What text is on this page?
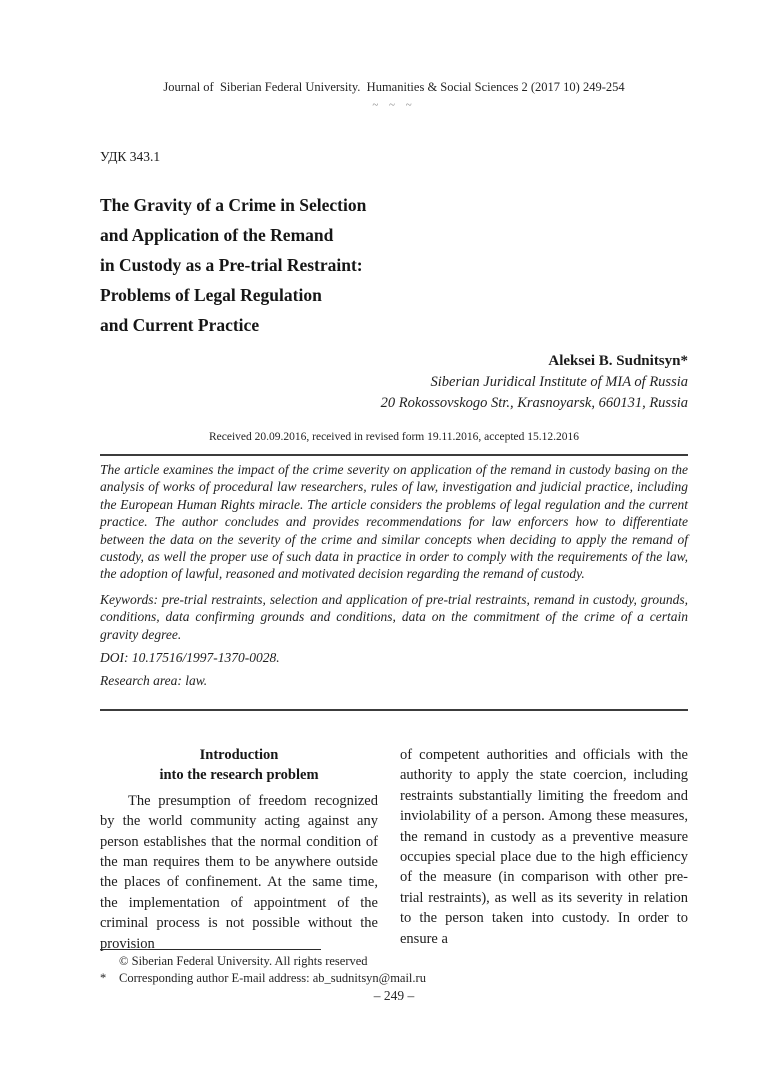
Journal of  Siberian Federal University.  Humanities & Social Sciences 2 (2017 10) 249-254
~ ~ ~
УДК 343.1
The Gravity of a Crime in Selection
and Application of the Remand
in Custody as a Pre-trial Restraint:
Problems of Legal Regulation
and Current Practice
Aleksei B. Sudnitsyn*
Siberian Juridical Institute of MIA of Russia
20 Rokossovskogo Str., Krasnoyarsk, 660131, Russia
Received 20.09.2016, received in revised form 19.11.2016, accepted 15.12.2016

The article examines the impact of the crime severity on application of the remand in custody basing on the analysis of works of procedural law researchers, rules of law, investigation and judicial practice, including the European Human Rights miracle. The article considers the problems of legal regulation and the current practice. The author concludes and provides recommendations for law enforcers how to differentiate between the data on the severity of the crime and similar concepts when deciding to apply the remand of custody, as well the proper use of such data in practice in order to comply with the requirements of the law, the adoption of lawful, reasoned and motivated decision regarding the remand of custody.

Keywords: pre-trial restraints, selection and application of pre-trial restraints, remand in custody, grounds, conditions, data confirming grounds and conditions, data on the commitment of the crime of a certain gravity degree.

DOI: 10.17516/1997-1370-0028.

Research area: law.

Introduction
into the research problem

The presumption of freedom recognized by the world community acting against any person establishes that the normal condition of the man requires them to be anywhere outside the places of confinement. At the same time, the implementation of appointment of the criminal process is not possible without the provision

of competent authorities and officials with the authority to apply the state coercion, including restraints substantially limiting the freedom and inviolability of a person. Among these measures, the remand in custody as a preventive measure occupies special place due to the high efficiency of the measure (in comparison with other pre-trial restraints), as well as its severity in relation to the person taken into custody. In order to ensure a

© Siberian Federal University. All rights reserved
* Corresponding author E-mail address: ab_sudnitsyn@mail.ru
– 249 –
